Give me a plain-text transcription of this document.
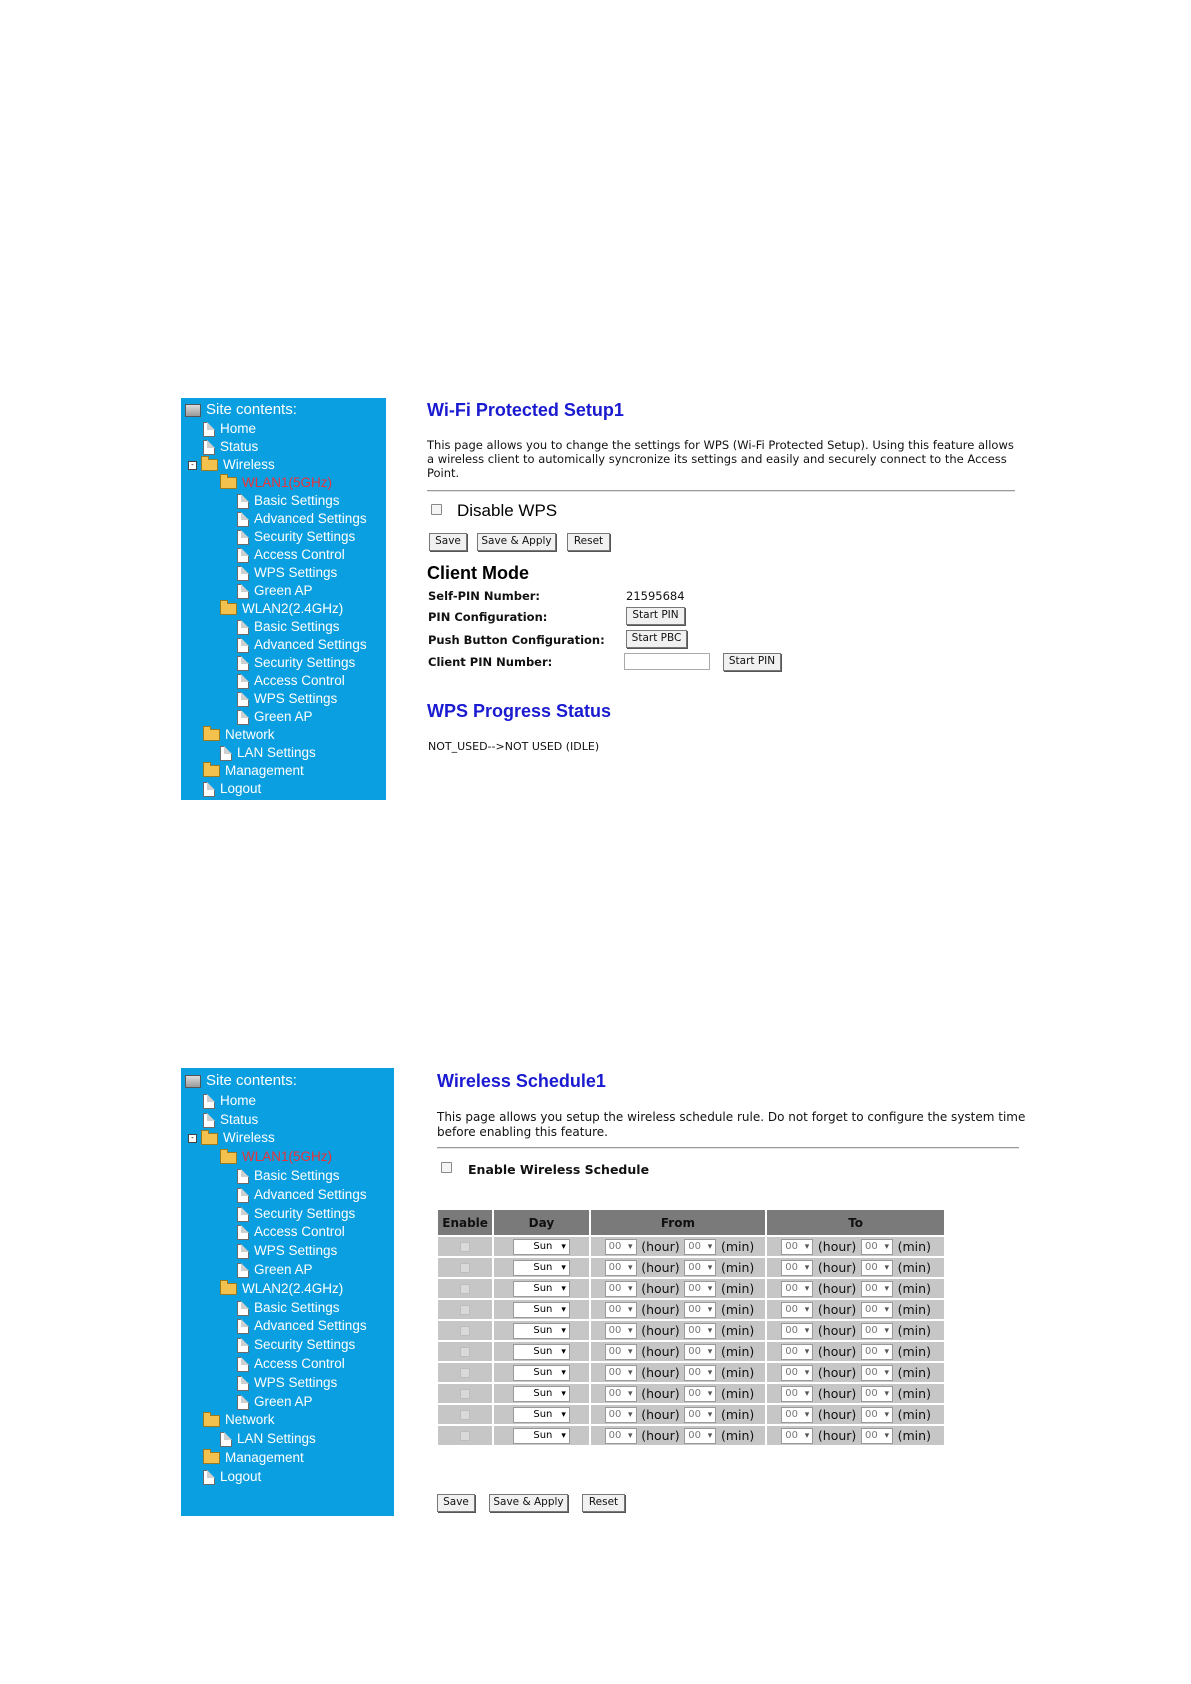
Site contents:
Home
Status
- Wireless
WLAN1(5GHz)
Basic Settings
Advanced Settings
Security Settings
Access Control
WPS Settings
Green AP
WLAN2(2.4GHz)
Basic Settings
Advanced Settings
Security Settings
Access Control
WPS Settings
Green AP
Network
LAN Settings
Management
Logout
Wi-Fi Protected Setup1
This page allows you to change the settings for WPS (Wi-Fi Protected Setup). Using this feature allows
a wireless client to automically syncronize its settings and easily and securely connect to the Access
Point.
Disable WPS
Save	Save & Apply	Reset
Client Mode
Self-PIN Number:	21595684
PIN Configuration:	Start PIN
Push Button Configuration:	Start PBC
Client PIN Number:	Start PIN
WPS Progress Status
NOT_USED-->NOT USED (IDLE)
Site contents:
Home
Status
- Wireless
WLAN1(5GHz)
Basic Settings
Advanced Settings
Security Settings
Access Control
WPS Settings
Green AP
WLAN2(2.4GHz)
Basic Settings
Advanced Settings
Security Settings
Access Control
WPS Settings
Green AP
Network
LAN Settings
Management
Logout
Wireless Schedule1
This page allows you setup the wireless schedule rule. Do not forget to configure the system time
before enabling this feature.
Enable Wireless Schedule
Enable	Day	From	To

	Sun ▾	00 ▾ (hour) 00 ▾ (min)	00 ▾ (hour) 00 ▾ (min)

	Sun ▾	00 ▾ (hour) 00 ▾ (min)	00 ▾ (hour) 00 ▾ (min)

	Sun ▾	00 ▾ (hour) 00 ▾ (min)	00 ▾ (hour) 00 ▾ (min)

	Sun ▾	00 ▾ (hour) 00 ▾ (min)	00 ▾ (hour) 00 ▾ (min)

	Sun ▾	00 ▾ (hour) 00 ▾ (min)	00 ▾ (hour) 00 ▾ (min)

	Sun ▾	00 ▾ (hour) 00 ▾ (min)	00 ▾ (hour) 00 ▾ (min)

	Sun ▾	00 ▾ (hour) 00 ▾ (min)	00 ▾ (hour) 00 ▾ (min)

	Sun ▾	00 ▾ (hour) 00 ▾ (min)	00 ▾ (hour) 00 ▾ (min)

	Sun ▾	00 ▾ (hour) 00 ▾ (min)	00 ▾ (hour) 00 ▾ (min)

	Sun ▾	00 ▾ (hour) 00 ▾ (min)	00 ▾ (hour) 00 ▾ (min)
Save	Save & Apply	Reset
